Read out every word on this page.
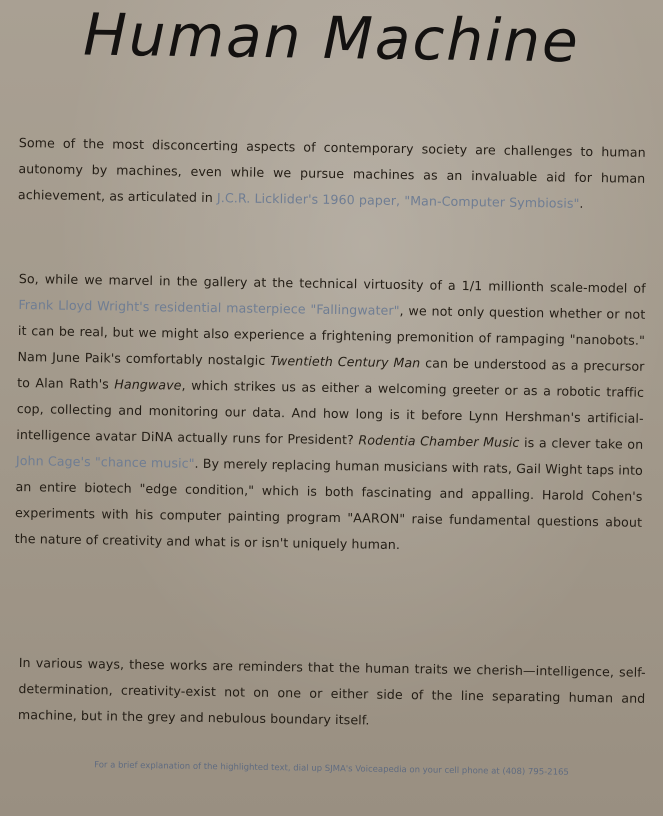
Human Machine

Some of the most disconcerting aspects of contemporary society are challenges to human autonomy by machines, even while we pursue machines as an invaluable aid for human achievement, as articulated in J.C.R. Licklider's 1960 paper, "Man-Computer Symbiosis".

So, while we marvel in the gallery at the technical virtuosity of a 1/1 millionth scale-model of Frank Lloyd Wright's residential masterpiece "Fallingwater", we not only question whether or not it can be real, but we might also experience a frightening premonition of rampaging "nanobots." Nam June Paik's comfortably nostalgic Twentieth Century Man can be understood as a precursor to Alan Rath's Hangwave, which strikes us as either a welcoming greeter or as a robotic traffic cop, collecting and monitoring our data. And how long is it before Lynn Hershman's artificial-intelligence avatar DiNA actually runs for President? Rodentia Chamber Music is a clever take on John Cage's "chance music". By merely replacing human musicians with rats, Gail Wight taps into an entire biotech "edge condition," which is both fascinating and appalling. Harold Cohen's experiments with his computer painting program "AARON" raise fundamental questions about the nature of creativity and what is or isn't uniquely human.

In various ways, these works are reminders that the human traits we cherish—intelligence, self-determination, creativity-exist not on one or either side of the line separating human and machine, but in the grey and nebulous boundary itself.

For a brief explanation of the highlighted text, dial up SJMA's Voiceapedia on your cell phone at (408) 795-2165
